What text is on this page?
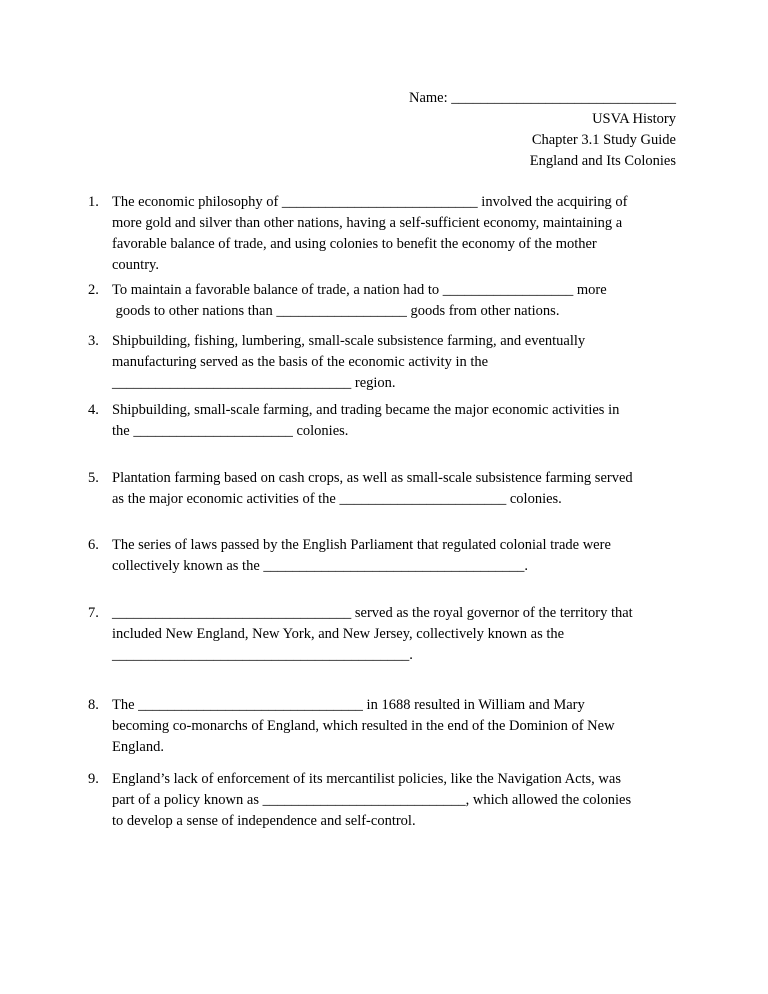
Name: _______________________________
USVA History
Chapter 3.1 Study Guide
England and Its Colonies
1. The economic philosophy of ___________________________ involved the acquiring of
more gold and silver than other nations, having a self-sufficient economy, maintaining a
favorable balance of trade, and using colonies to benefit the economy of the mother
country.
2. To maintain a favorable balance of trade, a nation had to __________________ more
goods to other nations than __________________ goods from other nations.
3. Shipbuilding, fishing, lumbering, small-scale subsistence farming, and eventually
manufacturing served as the basis of the economic activity in the
_________________________________ region.
4. Shipbuilding, small-scale farming, and trading became the major economic activities in
the ______________________ colonies.
5. Plantation farming based on cash crops, as well as small-scale subsistence farming served
as the major economic activities of the _______________________ colonies.
6. The series of laws passed by the English Parliament that regulated colonial trade were
collectively known as the ____________________________________.
7. _________________________________ served as the royal governor of the territory that
included New England, New York, and New Jersey, collectively known as the
_________________________________________.
8. The _______________________________ in 1688 resulted in William and Mary
becoming co-monarchs of England, which resulted in the end of the Dominion of New
England.
9. England’s lack of enforcement of its mercantilist policies, like the Navigation Acts, was
part of a policy known as ____________________________, which allowed the colonies
to develop a sense of independence and self-control.
